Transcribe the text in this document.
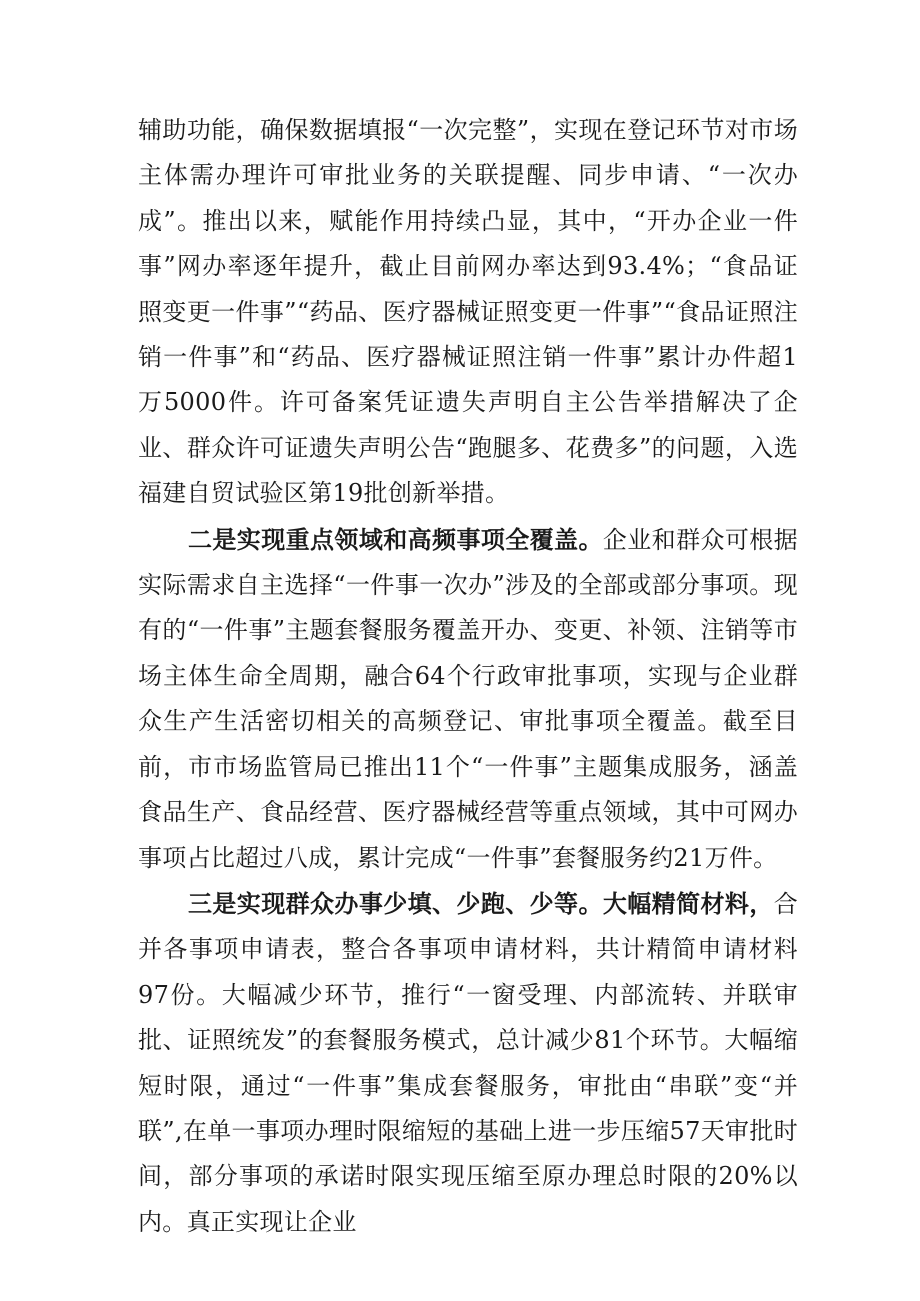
辅助功能，确保数据填报“一次完整”，实现在登记环节对市场主体需办理许可审批业务的关联提醒、同步申请、“一次办成”。推出以来，赋能作用持续凸显，其中，“开办企业一件事”网办率逐年提升，截止目前网办率达到93.4%；“食品证照变更一件事”“药品、医疗器械证照变更一件事”“食品证照注销一件事”和“药品、医疗器械证照注销一件事”累计办件超1万5000件。许可备案凭证遗失声明自主公告举措解决了企业、群众许可证遗失声明公告“跑腿多、花费多”的问题，入选福建自贸试验区第19批创新举措。

二是实现重点领域和高频事项全覆盖。企业和群众可根据实际需求自主选择“一件事一次办”涉及的全部或部分事项。现有的“一件事”主题套餐服务覆盖开办、变更、补领、注销等市场主体生命全周期，融合64个行政审批事项，实现与企业群众生产生活密切相关的高频登记、审批事项全覆盖。截至目前，市市场监管局已推出11个“一件事”主题集成服务，涵盖食品生产、食品经营、医疗器械经营等重点领域，其中可网办事项占比超过八成，累计完成“一件事”套餐服务约21万件。

三是实现群众办事少填、少跑、少等。大幅精简材料，合并各事项申请表，整合各事项申请材料，共计精简申请材料97份。大幅减少环节，推行“一窗受理、内部流转、并联审批、证照统发”的套餐服务模式，总计减少81个环节。大幅缩短时限，通过“一件事”集成套餐服务，审批由“串联”变“并联”,在单一事项办理时限缩短的基础上进一步压缩57天审批时间，部分事项的承诺时限实现压缩至原办理总时限的20%以内。真正实现让企业
